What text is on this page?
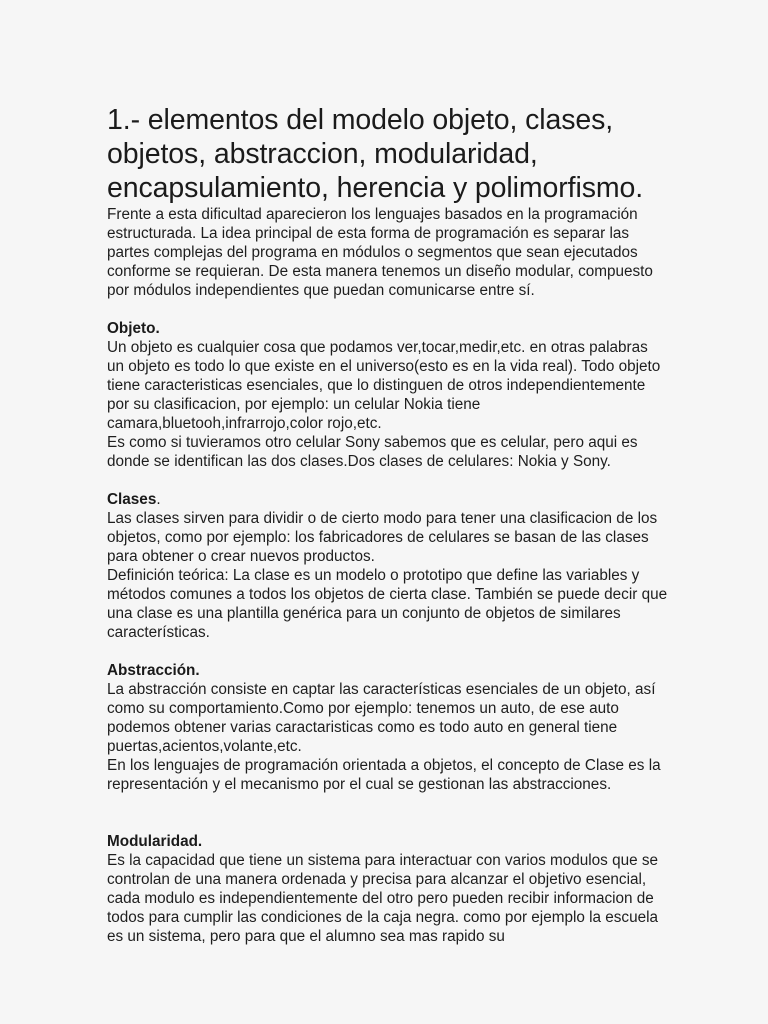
1.- elementos del modelo objeto, clases, objetos, abstraccion, modularidad, encapsulamiento, herencia y polimorfismo.

Frente a esta dificultad aparecieron los lenguajes basados en la programación estructurada. La idea principal de esta forma de programación es separar las partes complejas del programa en módulos o segmentos que sean ejecutados conforme se requieran. De esta manera tenemos un diseño modular, compuesto por módulos independientes que puedan comunicarse entre sí.

Objeto.

Un objeto es cualquier cosa que podamos ver,tocar,medir,etc. en otras palabras un objeto es todo lo que existe en el universo(esto es en la vida real). Todo objeto tiene caracteristicas esenciales, que lo distinguen de otros independientemente por su clasificacion, por ejemplo: un celular Nokia tiene camara,bluetooh,infrarrojo,color rojo,etc.

Es como si tuvieramos otro celular Sony sabemos que es celular, pero aqui es donde se identifican las dos clases.Dos clases de celulares: Nokia y Sony.

Clases.

Las clases sirven para dividir o de cierto modo para tener una clasificacion de los objetos, como por ejemplo: los fabricadores de celulares se basan de las clases para obtener o crear nuevos productos.

Definición teórica: La clase es un modelo o prototipo que define las variables y métodos comunes a todos los objetos de cierta clase. También se puede decir que una clase es una plantilla genérica para un conjunto de objetos de similares características.

Abstracción.

La abstracción consiste en captar las características esenciales de un objeto, así como su comportamiento.Como por ejemplo: tenemos un auto, de ese auto podemos obtener varias caractaristicas como es todo auto en general tiene puertas,acientos,volante,etc.

En los lenguajes de programación orientada a objetos, el concepto de Clase es la representación y el mecanismo por el cual se gestionan las abstracciones.

Modularidad.

Es la capacidad que tiene un sistema para interactuar con varios modulos que se controlan de una manera ordenada y precisa para alcanzar el objetivo esencial, cada modulo es independientemente del otro pero pueden recibir informacion de todos para cumplir las condiciones de la caja negra. como por ejemplo la escuela es un sistema, pero para que el alumno sea mas rapido su
